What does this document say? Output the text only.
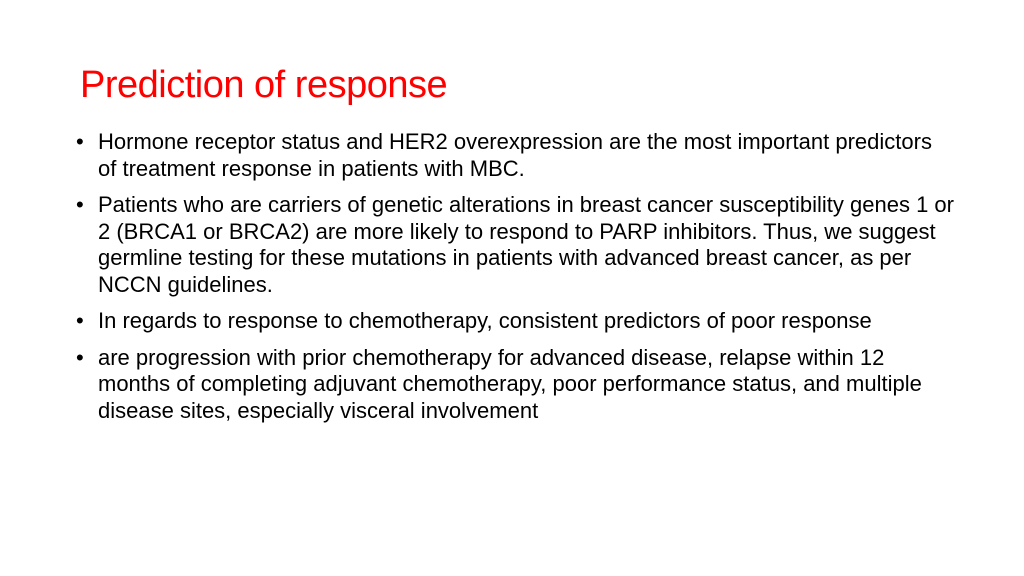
Prediction of response
• Hormone receptor status and HER2 overexpression are the most important predictors of treatment response in patients with MBC.
• Patients who are carriers of genetic alterations in breast cancer susceptibility genes 1 or 2 (BRCA1 or BRCA2) are more likely to respond to PARP inhibitors. Thus, we suggest germline testing for these mutations in patients with advanced breast cancer, as per NCCN guidelines.
• In regards to response to chemotherapy, consistent predictors of poor response
• are progression with prior chemotherapy for advanced disease, relapse within 12 months of completing adjuvant chemotherapy, poor performance status, and multiple disease sites, especially visceral involvement
